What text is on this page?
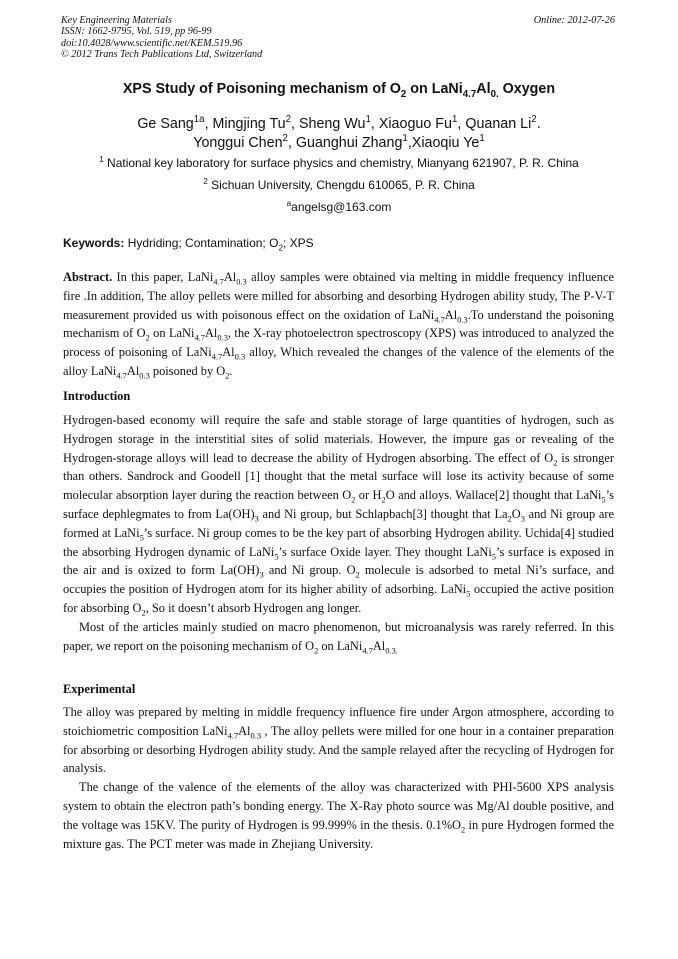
Key Engineering Materials
ISSN: 1662-9795, Vol. 519, pp 96-99
doi:10.4028/www.scientific.net/KEM.519.96
© 2012 Trans Tech Publications Ltd, Switzerland
Online: 2012-07-26
XPS Study of Poisoning mechanism of $O_2$ on $LaNi_{4.7}Al_{0.}$ Oxygen
Ge Sang$^{1a}$, Mingjing Tu$^2$, Sheng Wu$^1$, Xiaoguo Fu$^1$, Quanan Li$^2$.
Yonggui Chen$^2$, Guanghui Zhang$^1$,Xiaoqiu Ye$^1$
$^1$ National key laboratory for surface physics and chemistry, Mianyang 621907, P. R. China
$^2$ Sichuan University, Chengdu 610065, P. R. China
$^a$angelsg@163.com
Keywords: Hydriding; Contamination; $O_2$; XPS

Abstract. In this paper, $LaNi_{4.7}Al_{0.3}$ alloy samples were obtained via melting in middle frequency influence fire .In addition, The alloy pellets were milled for absorbing and desorbing Hydrogen ability study, The P-V-T measurement provided us with poisonous effect on the oxidation of $LaNi_{4.7}Al_{0.3}.To$ understand the poisoning mechanism of $O_2$ on $LaNi_{4.7}Al_{0.3}$, the X-ray photoelectron spectroscopy (XPS) was introduced to analyzed the process of poisoning of $LaNi_{4.7}Al_{0.3}$ alloy, Which revealed the changes of the valence of the elements of the alloy $LaNi_{4.7}Al_{0.3}$ poisoned by $O_2$.

Introduction

Hydrogen-based economy will require the safe and stable storage of large quantities of hydrogen, such as Hydrogen storage in the interstitial sites of solid materials. However, the impure gas or revealing of the Hydrogen-storage alloys will lead to decrease the ability of Hydrogen absorbing. The effect of $O_2$ is stronger than others. Sandrock and Goodell [1] thought that the metal surface will lose its activity because of some molecular absorption layer during the reaction between $O_2$ or $H_2O$ and alloys. Wallace[2] thought that LaNi$_5$’s surface dephlegmates to from $La(OH)_3$ and Ni group, but Schlapbach[3] thought that $La_2O_3$ and Ni group are formed at LaNi$_5$’s surface. Ni group comes to be the key part of absorbing Hydrogen ability. Uchida[4] studied the absorbing Hydrogen dynamic of LaNi$_5$’s surface Oxide layer. They thought LaNi$_5$’s surface is exposed in the air and is oxized to form $La(OH)_3$ and Ni group. $O_2$ molecule is adsorbed to metal Ni’s surface, and occupies the position of Hydrogen atom for its higher ability of adsorbing. LaNi$_5$ occupied the active position for absorbing $O_2$, So it doesn’t absorb Hydrogen ang longer.

Most of the articles mainly studied on macro phenomenon, but microanalysis was rarely referred. In this paper, we report on the poisoning mechanism of $O_2$ on $LaNi_{4.7}Al_{0.3.}$

Experimental

The alloy was prepared by melting in middle frequency influence fire under Argon atmosphere, according to stoichiometric composition $LaNi_{4.7}Al_{0.3}$ , The alloy pellets were milled for one hour in a container preparation for absorbing or desorbing Hydrogen ability study. And the sample relayed after the recycling of Hydrogen for analysis.

The change of the valence of the elements of the alloy was characterized with PHI-5600 XPS analysis system to obtain the electron path’s bonding energy. The X-Ray photo source was Mg/Al double positive, and the voltage was 15KV. The purity of Hydrogen is 99.999% in the thesis. $0.1\%O_2$ in pure Hydrogen formed the mixture gas. The PCT meter was made in Zhejiang University.
